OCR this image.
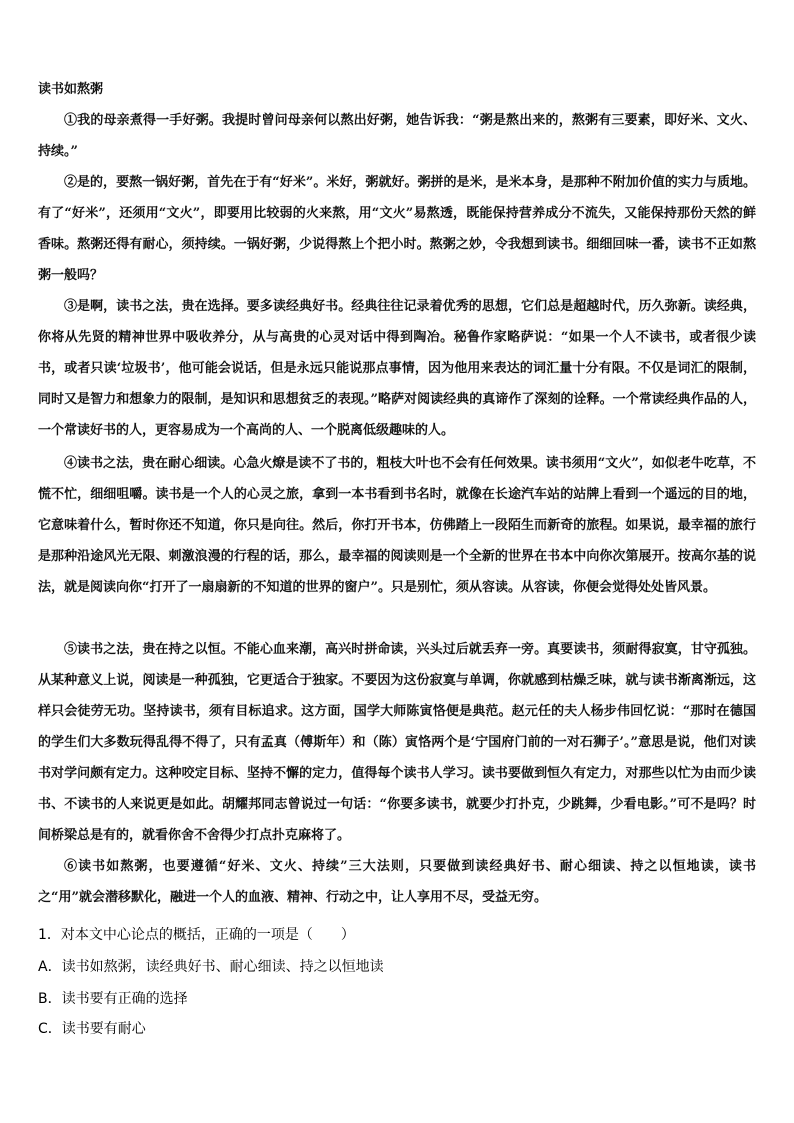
读书如熬粥

①我的母亲煮得一手好粥。我提时曾问母亲何以熬出好粥，她告诉我：“粥是熬出来的，熬粥有三要素，即好米、文火、持续。”

②是的，要熬一锅好粥，首先在于有“好米”。米好，粥就好。粥拼的是米，是米本身，是那种不附加价值的实力与质地。有了“好米”，还须用“文火”，即要用比较弱的火来熬，用“文火”易熬透，既能保持营养成分不流失，又能保持那份天然的鲜香味。熬粥还得有耐心，须持续。一锅好粥，少说得熬上个把小时。熬粥之妙，令我想到读书。细细回味一番，读书不正如熬粥一般吗？

③是啊，读书之法，贵在选择。要多读经典好书。经典往往记录着优秀的思想，它们总是超越时代，历久弥新。读经典，你将从先贤的精神世界中吸收养分，从与高贵的心灵对话中得到陶冶。秘鲁作家略萨说：“如果一个人不读书，或者很少读书，或者只读‘垃圾书’，他可能会说话，但是永远只能说那点事情，因为他用来表达的词汇量十分有限。不仅是词汇的限制，同时又是智力和想象力的限制，是知识和思想贫乏的表现。”略萨对阅读经典的真谛作了深刻的诠释。一个常读经典作品的人，一个常读好书的人，更容易成为一个高尚的人、一个脱离低级趣味的人。

④读书之法，贵在耐心细读。心急火燎是读不了书的，粗枝大叶也不会有任何效果。读书须用“文火”，如似老牛吃草，不慌不忙，细细咀嚼。读书是一个人的心灵之旅，拿到一本书看到书名时，就像在长途汽车站的站牌上看到一个遥远的目的地，它意味着什么，暂时你还不知道，你只是向往。然后，你打开书本，仿佛踏上一段陌生而新奇的旅程。如果说，最幸福的旅行是那种沿途风光无限、刺激浪漫的行程的话，那么，最幸福的阅读则是一个全新的世界在书本中向你次第展开。按高尔基的说法，就是阅读向你“打开了一扇扇新的不知道的世界的窗户”。只是别忙，须从容读。从容读，你便会觉得处处皆风景。

⑤读书之法，贵在持之以恒。不能心血来潮，高兴时拼命读，兴头过后就丢弃一旁。真要读书，须耐得寂寞，甘守孤独。从某种意义上说，阅读是一种孤独，它更适合于独家。不要因为这份寂寞与单调，你就感到枯燥乏味，就与读书渐离渐远，这样只会徒劳无功。坚持读书，须有目标追求。这方面，国学大师陈寅恪便是典范。赵元任的夫人杨步伟回忆说：“那时在德国的学生们大多数玩得乱得不得了，只有孟真（傅斯年）和（陈）寅恪两个是‘宁国府门前的一对石狮子’。”意思是说，他们对读书对学问颇有定力。这种咬定目标、坚持不懈的定力，值得每个读书人学习。读书要做到恒久有定力，对那些以忙为由而少读书、不读书的人来说更是如此。胡耀邦同志曾说过一句话：“你要多读书，就要少打扑克，少跳舞，少看电影。”可不是吗？时间桥梁总是有的，就看你舍不舍得少打点扑克麻将了。

⑥读书如熬粥，也要遵循“好米、文火、持续”三大法则，只要做到读经典好书、耐心细读、持之以恒地读，读书之“用”就会潜移默化，融进一个人的血液、精神、行动之中，让人享用不尽，受益无穷。

1．对本文中心论点的概括，正确的一项是（　　）
A．读书如熬粥，读经典好书、耐心细读、持之以恒地读
B．读书要有正确的选择
C．读书要有耐心
